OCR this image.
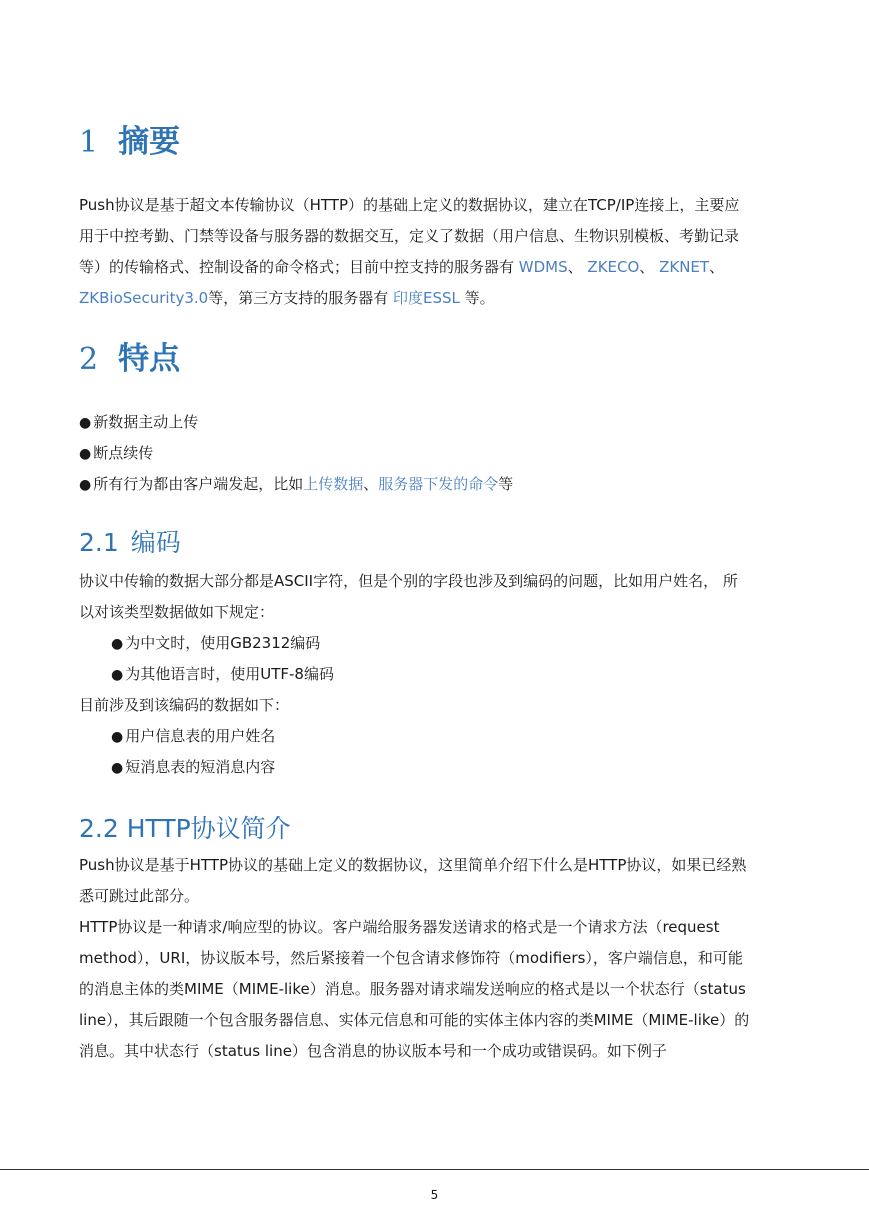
1 摘要
Push协议是基于超文本传输协议（HTTP）的基础上定义的数据协议，建立在TCP/IP连接上，主要应
用于中控考勤、门禁等设备与服务器的数据交互，定义了数据（用户信息、生物识别模板、考勤记录
等）的传输格式、控制设备的命令格式；目前中控支持的服务器有 WDMS、 ZKECO、 ZKNET、
ZKBioSecurity3.0等，第三方支持的服务器有 印度ESSL 等。
2 特点
● 新数据主动上传
● 断点续传
● 所有行为都由客户端发起，比如上传数据、服务器下发的命令等
2.1 编码
协议中传输的数据大部分都是ASCII字符，但是个别的字段也涉及到编码的问题，比如用户姓名， 所
以对该类型数据做如下规定：
● 为中文时，使用GB2312编码
● 为其他语言时，使用UTF-8编码
目前涉及到该编码的数据如下：
● 用户信息表的用户姓名
● 短消息表的短消息内容
2.2 HTTP协议简介
Push协议是基于HTTP协议的基础上定义的数据协议，这里简单介绍下什么是HTTP协议，如果已经熟
悉可跳过此部分。
HTTP协议是一种请求/响应型的协议。客户端给服务器发送请求的格式是一个请求方法（request
method），URI，协议版本号，然后紧接着一个包含请求修饰符（modifiers），客户端信息，和可能
的消息主体的类MIME（MIME-like）消息。服务器对请求端发送响应的格式是以一个状态行（status
line），其后跟随一个包含服务器信息、实体元信息和可能的实体主体内容的类MIME（MIME-like）的
消息。其中状态行（status line）包含消息的协议版本号和一个成功或错误码。如下例子
5
